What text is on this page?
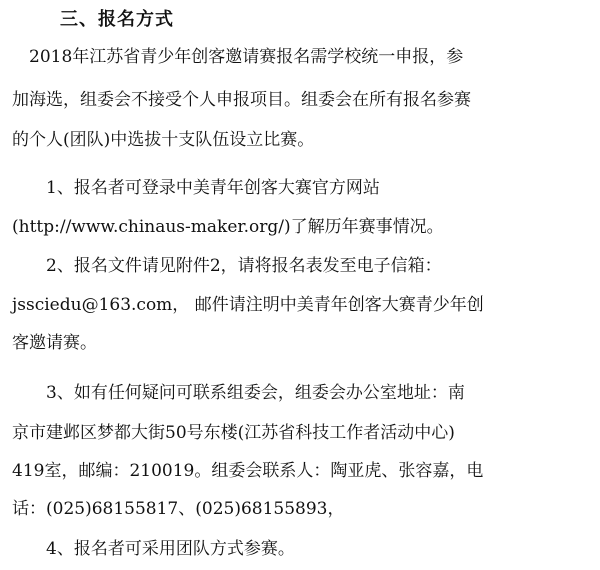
三、报名方式
　2018年江苏省青少年创客邀请赛报名需学校统一申报，参
加海选，组委会不接受个人申报项目。组委会在所有报名参赛
的个人(团队)中选拔十支队伍设立比赛。
　　1、报名者可登录中美青年创客大赛官方网站
(http://www.chinaus-maker.org/)了解历年赛事情况。
　　2、报名文件请见附件2，请将报名表发至电子信箱：
jssciedu@163.com， 邮件请注明中美青年创客大赛青少年创
客邀请赛。
　　3、如有任何疑问可联系组委会，组委会办公室地址：南
京市建邺区梦都大街50号东楼(江苏省科技工作者活动中心)
419室，邮编：210019。组委会联系人：陶亚虎、张容嘉，电
话：(025)68155817、(025)68155893，
　　4、报名者可采用团队方式参赛。
